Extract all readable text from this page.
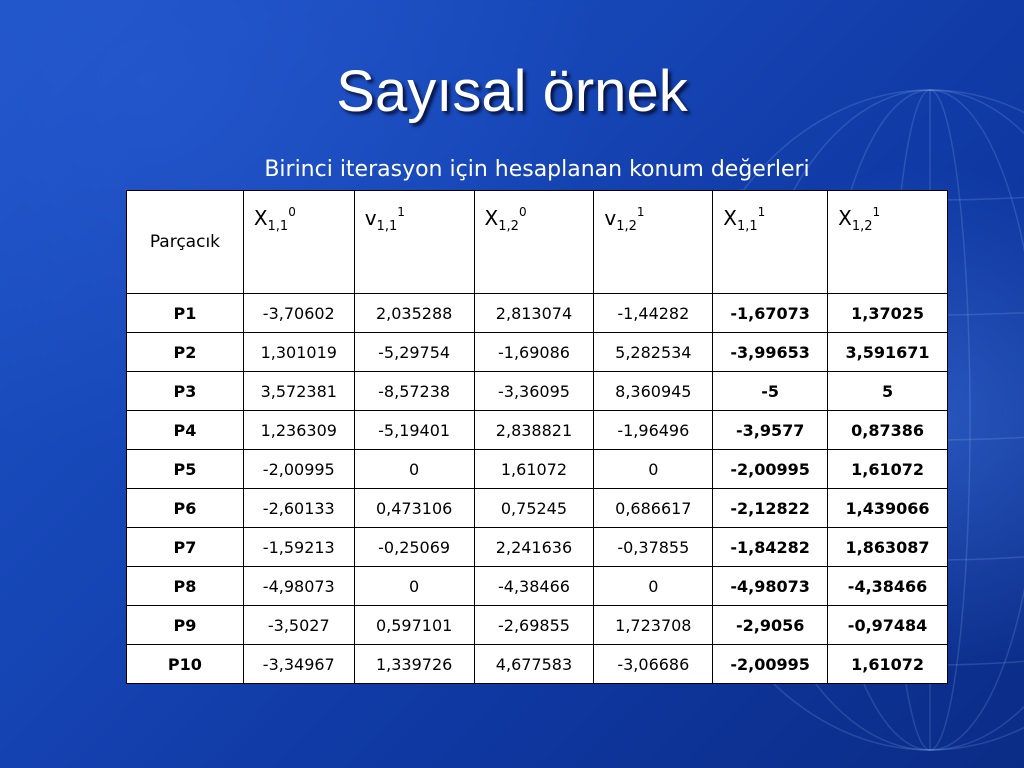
Sayısal örnek
Birinci iterasyon için hesaplanan konum değerleri
Parçacık	$X_{1,1}^0$	$v_{1,1}^1$	$X_{1,2}^0$	$v_{1,2}^1$	$X_{1,1}^1$	$X_{1,2}^1$
P1	-3,70602	2,035288	2,813074	-1,44282	-1,67073	1,37025
P2	1,301019	-5,29754	-1,69086	5,282534	-3,99653	3,591671
P3	3,572381	-8,57238	-3,36095	8,360945	-5	5
P4	1,236309	-5,19401	2,838821	-1,96496	-3,9577	0,87386
P5	-2,00995	0	1,61072	0	-2,00995	1,61072
P6	-2,60133	0,473106	0,75245	0,686617	-2,12822	1,439066
P7	-1,59213	-0,25069	2,241636	-0,37855	-1,84282	1,863087
P8	-4,98073	0	-4,38466	0	-4,98073	-4,38466
P9	-3,5027	0,597101	-2,69855	1,723708	-2,9056	-0,97484
P10	-3,34967	1,339726	4,677583	-3,06686	-2,00995	1,61072
